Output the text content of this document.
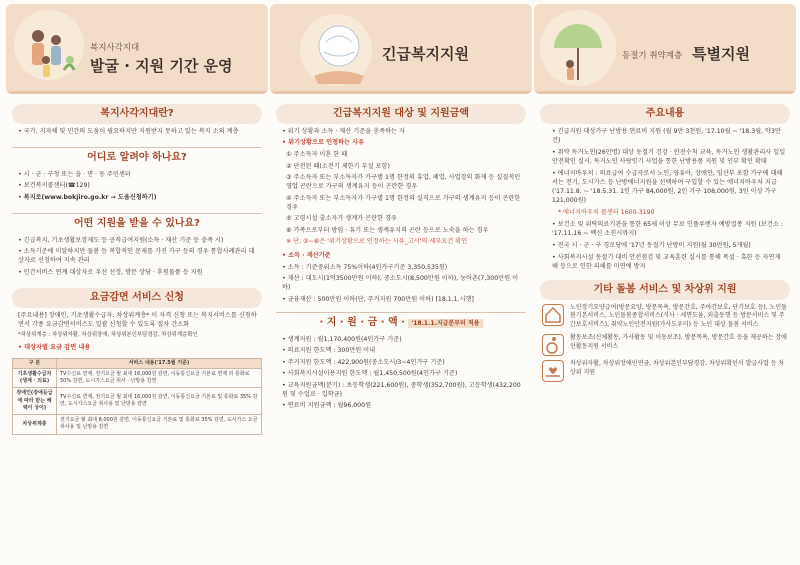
복지사각지대
발굴 · 지원 기간 운영
복지사각지대란?

• 국가, 지자체 및 민간의 도움이 필요하지만 지원받지 못하고 있는 복지 소외 계층

어디로 알려야 하나요?

• 시 · 군 · 구청 또는 읍 · 면 · 동 주민센터

• 보건복지콜센터(☎129)

• 복지로(www.bokjiro.go.kr → 도움신청하기)

어떤 지원을 받을 수 있나요?

• 긴급복지, 기초생활보장제도 등 공적급여지원(소득 · 재산 기준 등 충족 시)

• 소득기준에 미달하지만 돌봄 등 복합적인 문제를 가진 가구 등의 경우 통합사례관리 대상자로 선정하여 지속 관리

• 민간서비스 연계 대상자로 우선 선정, 방문 상담 · 후원물품 등 지원

요금감면 서비스 신청

[주요내용] 장애인, 기초생활수급자, 차상위계층* 이 자격 신청 또는 복지서비스를 신청하면서 각종 요금감면서비스도 일괄 신청할 수 있도록 절차 간소화

*차상위계층 : 차상위자활, 차상위장애, 차상위본인부담경감, 차상위계층확인

• 대상자별 요금 감면 내용
구 분	서비스 내용('17.5월 기준)
기초생활수급자(생계 · 의료)	TV수신료 면제, 전기요금 월 최대 16,000원 감면, 이동통신요금 기본료 면제 외 통화료 50% 감면, 도시가스요금 취사 · 난방용 감면
장애인(장애등급에 따라 받는 혜택이 상이)	TV수신료 면제, 전기요금 월 최대 16,000원 감면, 이동통신요금 기본료 및 통화료 35% 감면, 도시가스요금 취사용 및 난방용 감면
차상위계층	전기요금 월 최대 8,000원 감면, 이동통신요금 기본료 및 통화료 35% 감면, 도시가스 요금 취사용 및 난방용 감면
긴급복지지원
긴급복지지원 대상 및 지원금액

• 위기 상황과 소득 · 재산 기준을 충족하는 자

• 위기상황으로 인정하는 사유

① 주소득자 이혼 한 때

② 단전된 때(소전기 제한기 부설 포함)

③ 주소득자 또는 부소득자가 가구별 1명 한정의 휴업, 폐업, 사업장의 화재 등 실질적인 영업 곤란으로 가구의 생계유지 등이 곤란한 경우

④ 주소득자 또는 부소득자가 가구별 1명 한정의 실직으로 가구의 생계유지 등이 곤란한 경우

⑤ 고령시설 출소자가 생계가 곤란한 경우

⑥ 가족으로부터 방임 · 유기 또는 생계유지의 곤란 등으로 노숙을 하는 경우

※ 단, ③~⑥은 '위기상황으로 인정하는 사유_고시'의 세부요건 확인

• 소득 · 재산기준

• 소득 : 기준중위소득 75%이하(4인가구기준 3,350,535원)

• 재산 : 대도시(1억3500만원 이하), 중소도시(8,500만원 이하), 농어촌(7,300만원 이하)

• 금융재산 : 500만원 이하(단, 주거지원 700만원 이하) [18.1.1.시행]

· 지 · 원 · 금 · 액 · '18.1.1.지급분부터 적용

• 생계지원 : 월1,170,400원(4인가구 기준)

• 의료지원 한도액 : 300만원 이내

• 주거지원 한도액 : 422,900원(중소도시/3~4인가구 기준)

• 사회복지시설이용지원 한도액 : 월1,450,500원(4인가구 기준)

• 교육지원금액(분기) : 초등학생(221,600원), 중학생(352,700원), 고등학생(432,200원 및 수업료 · 입학금)

• 연료비 지원금액 : 월96,000원

동절기 취약계층 특별지원
주요내용

• 긴급지원 대상가구 난방용 연료비 지원 (월 9만 3천원, '17.10월 ~ '18.3월, 약3만건)

• 취약 독거노인(26만명) 대상 동절기 건강 · 안전수칙 교육, 독거노인 생활관리사 일일 안전확인 실시, 독거노인 사랑잇기 사업을 통한 난방용품 지원 및 인부 확인 확대

• 에너지바우처 : 의료급여 수급자로서 노인, 영유아, 장애인, 임산부 포함 가구에 대해서는 전기, 도시가스 등 난방에너지원을 선택하여 구입할 수 있는 에너지바우처 지급('17.11.8. ~ '18.5.31. 1인 가구 84,000원, 2인 가구 108,000원, 3인 이상 가구 121,000원)

* 에너지바우처 콜센터 1600-3190

• 보건소 및 위탁의료기관을 통한 65세 이상 무료 인플루엔자 예방접종 지원 (보건소 : '17.11.16 ~ 백신 소진시까지)

• 전국 시 · 군 · 구 경로당에 '17년 동절기 난방비 지원(월 30만원, 5개월)

• 사회복지시설 동절기 대비 안전점검 및 교육훈련 실시를 통해 폭설 · 혹한 등 자연재해 등으로 인한 피해를 미연에 방지

기타 돌봄 서비스 및 차상위 지원
노인장기요양급여(방문요양, 방문목욕, 방문간호, 주야간보호, 단기보호 등), 노인돌봄기본서비스, 노인돌봄종합서비스(식사 · 세면도움, 외출동행 등 방문서비스 및 주간보호서비스), 취약노인안전지원(가사도우미) 등 노인 대상 돌봄 서비스
활동보조(신체활동, 가사활동 및 이동보조), 방문목욕, 방문간호 등을 제공하는 장애인활동지원 서비스
차상위자활, 차상위장애인연금, 차상위본인부담경감, 차상위확인서 발급사업 등 차상위 지원
